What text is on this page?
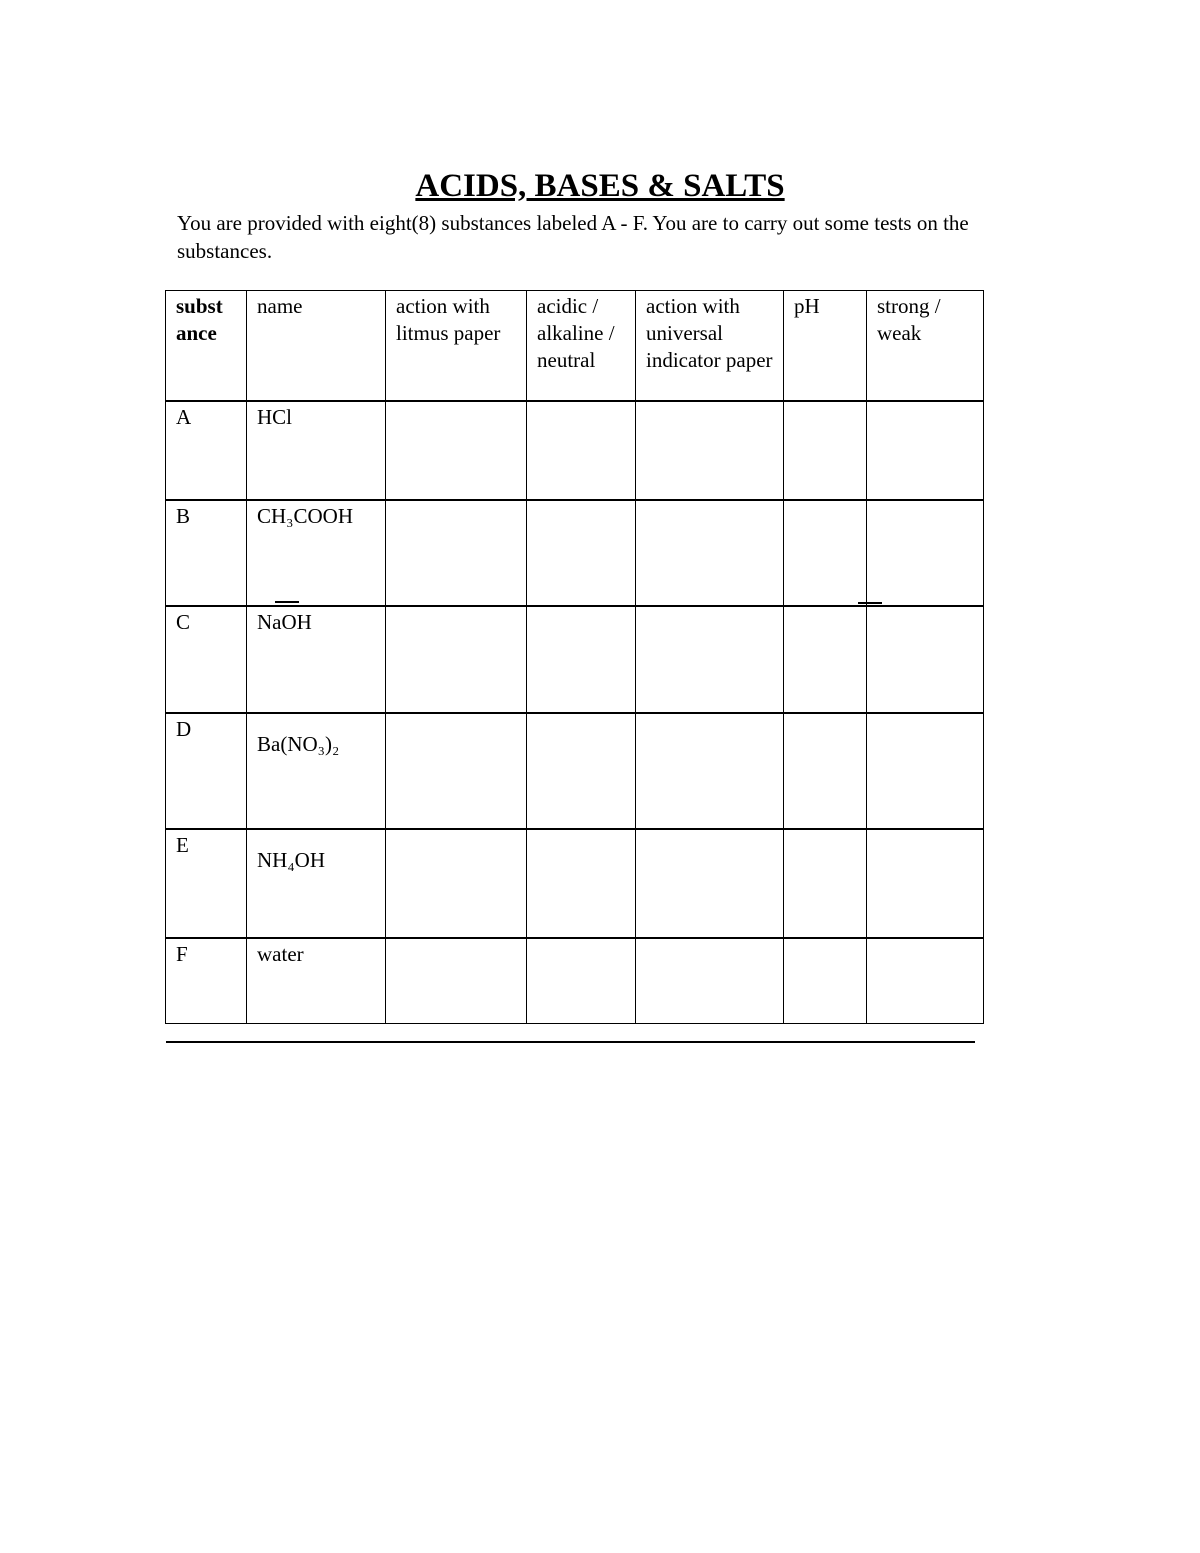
ACIDS, BASES & SALTS

You are provided with eight(8) substances labeled A - F. You are to carry out some tests on the substances.

subst ance	name	action with litmus paper	acidic / alkaline / neutral	action with universal indicator paper	pH	strong / weak
A	HCl					

B	CH₃COOH					

C	NaOH					

D	Ba(NO₃)₂					

E	NH₄OH					

F	water					
